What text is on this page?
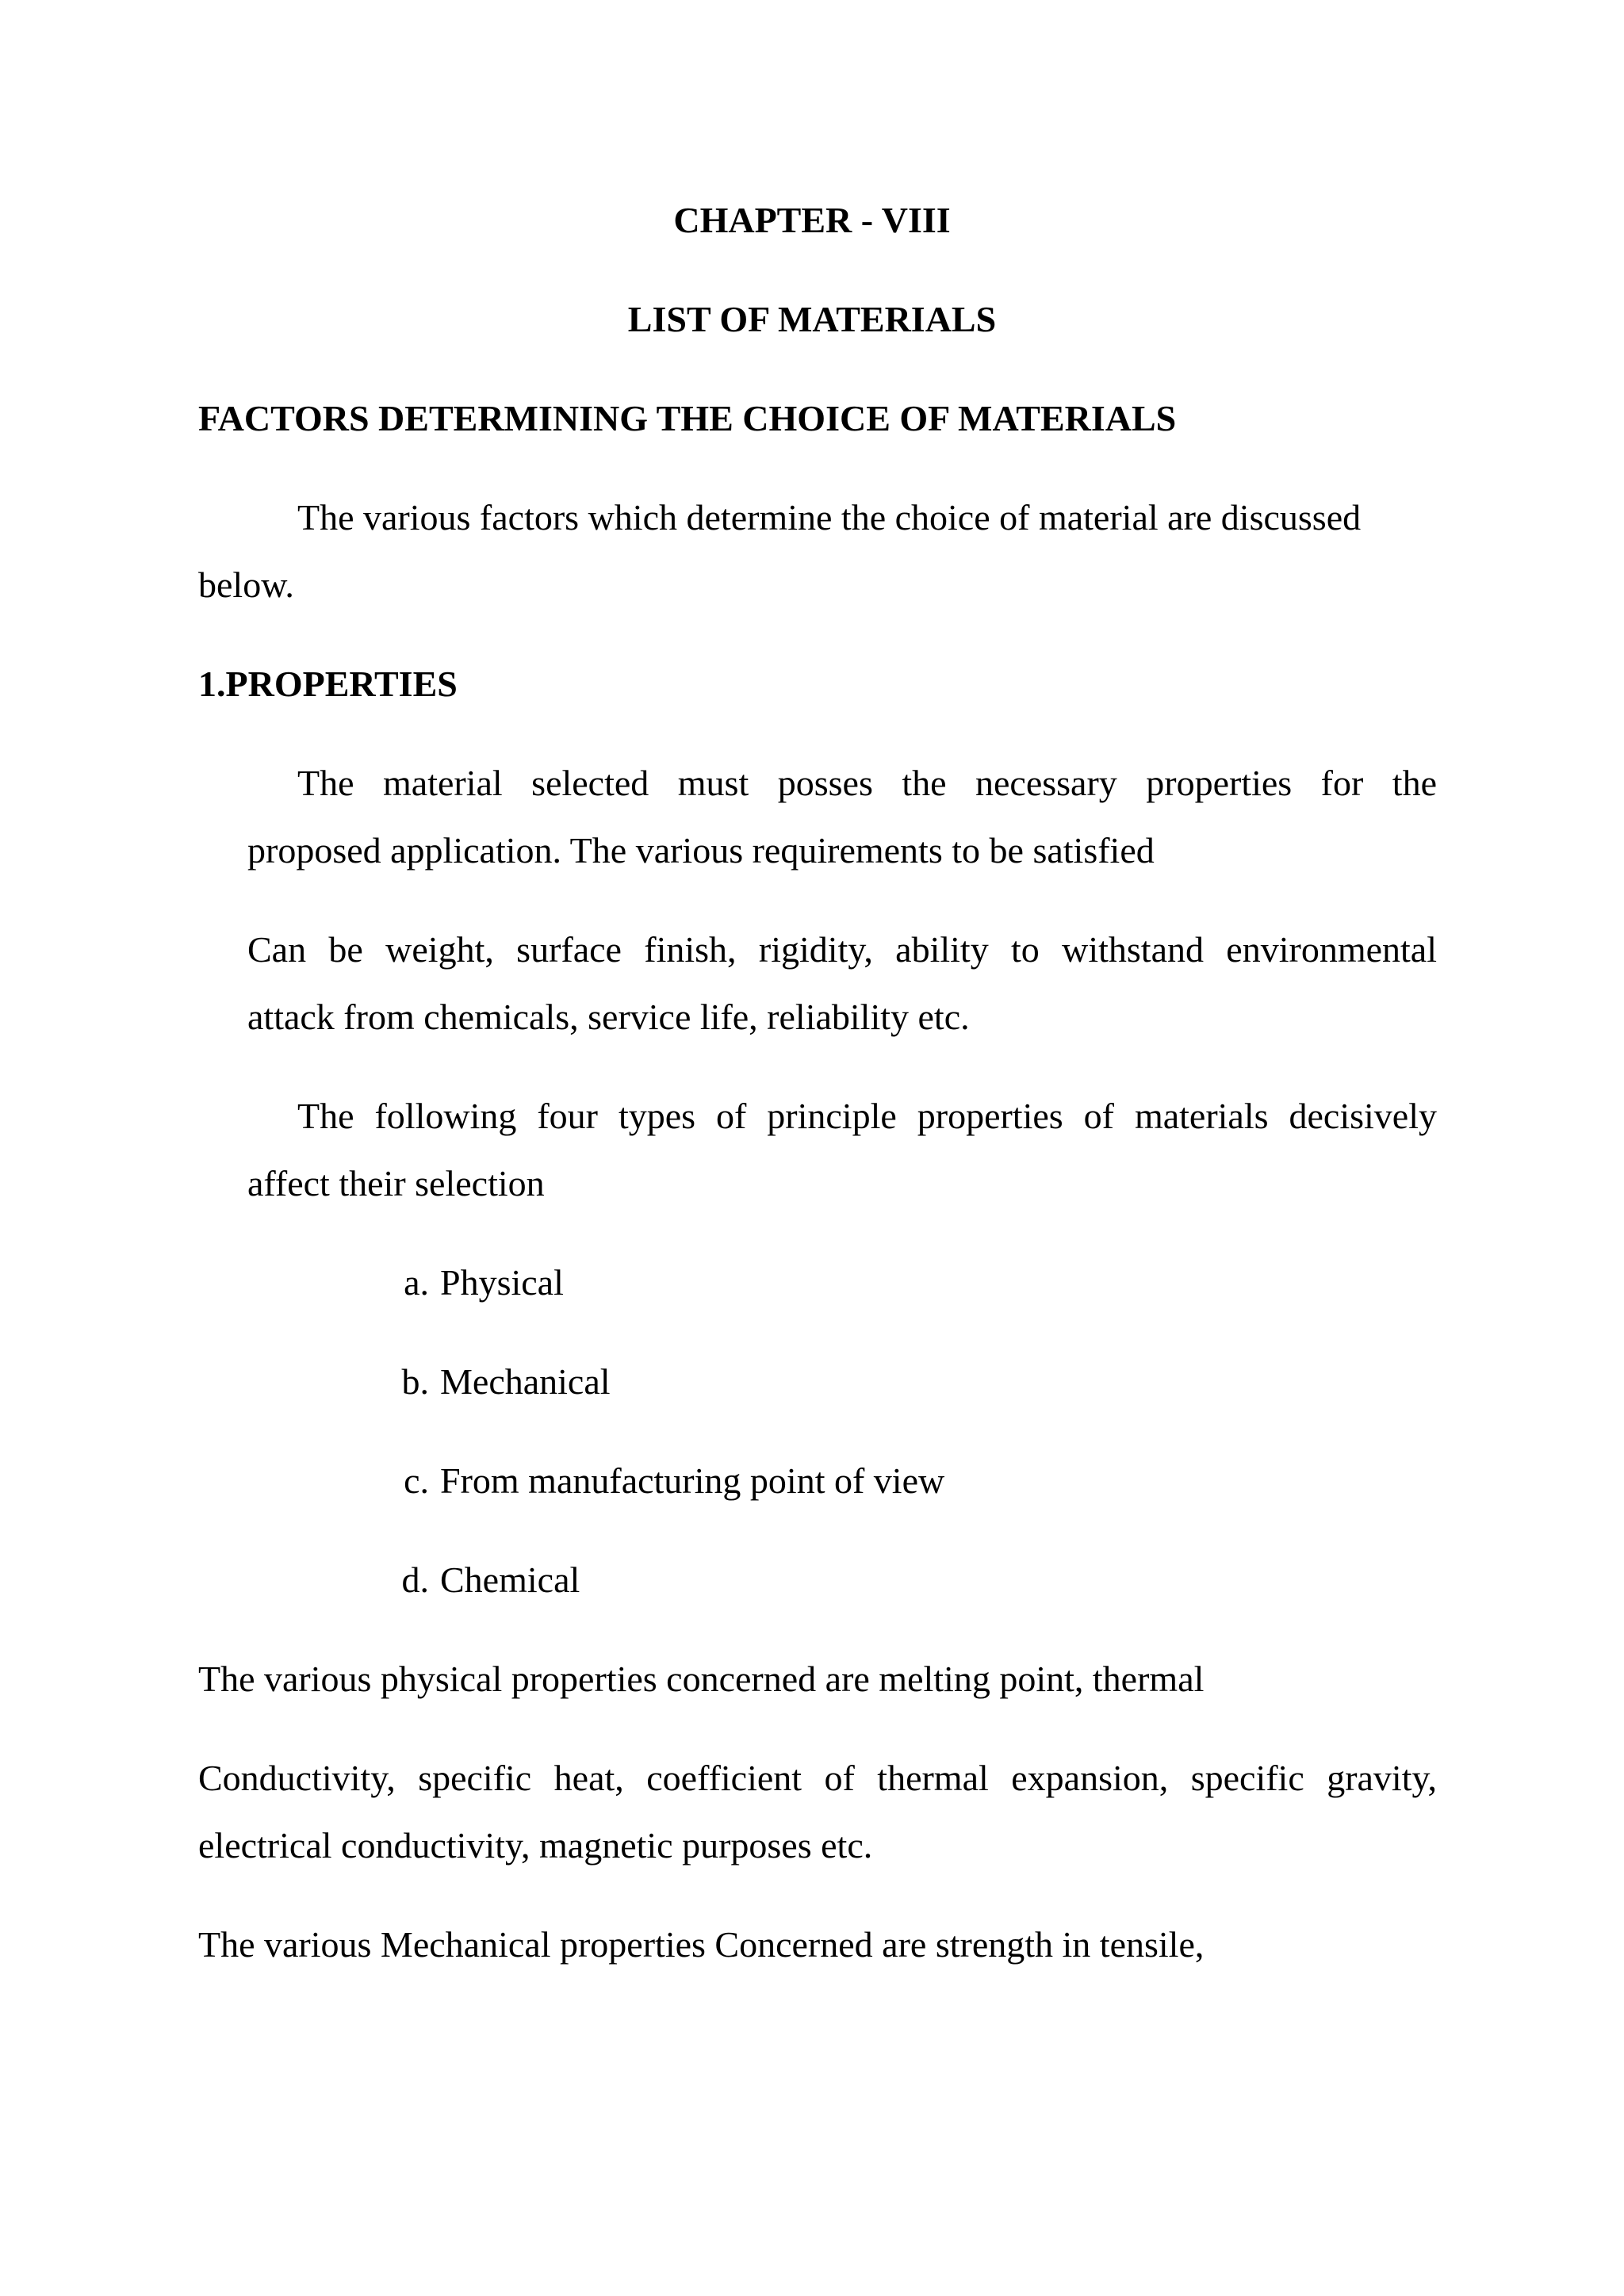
CHAPTER - VIII
LIST OF MATERIALS
FACTORS DETERMINING THE CHOICE OF MATERIALS
The various factors which determine the choice of material are discussed
below.
1.PROPERTIES
The material selected must posses the necessary properties for the
proposed application. The various requirements to be satisfied
Can be weight, surface finish, rigidity, ability to withstand environmental
attack from chemicals, service life, reliability etc.
The following four types of principle properties of materials decisively
affect their selection
a. Physical
b. Mechanical
c. From manufacturing point of view
d. Chemical
The various physical properties concerned are melting point, thermal
Conductivity, specific heat, coefficient of thermal expansion, specific gravity,
electrical conductivity, magnetic purposes etc.
The various Mechanical properties Concerned are strength in tensile,
